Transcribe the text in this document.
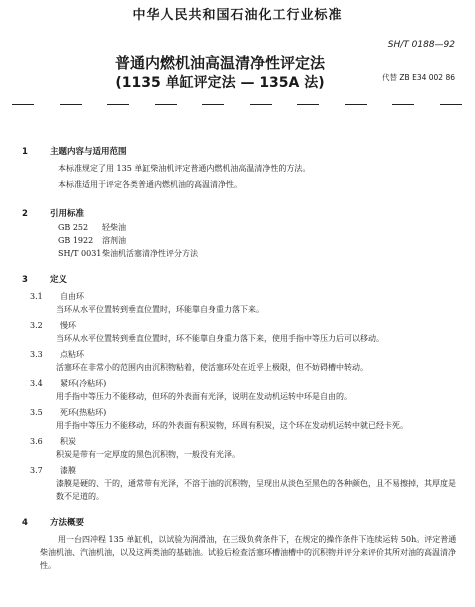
中华人民共和国石油化工行业标准
SH/T 0188—92
代替 ZB E34 002 86
普通内燃机油高温清净性评定法
(1135 单缸评定法 — 135A 法)
1	主题内容与适用范围
本标准规定了用 135 单缸柴油机评定普通内燃机油高温清净性的方法。
本标准适用于评定各类普通内燃机油的高温清净性。
2	引用标准
GB 252 轻柴油
GB 1922 溶剂油
SH/T 0031柴油机活塞清净性评分方法
3	定义
3.1 自由环
当环从水平位置转到垂直位置时，环能靠自身重力落下来。
3.2 慢环
当环从水平位置转到垂直位置时，环不能靠自身重力落下来，使用手指中等压力后可以移动。
3.3 点粘环
活塞环在非常小的范围内由沉积物粘着，使活塞环处在近乎上极限，但不妨碍槽中转动。
3.4 紧环(冷粘环)
用手指中等压力不能移动，但环的外表面有光泽，说明在发动机运转中环是自由的。
3.5 死环(热粘环)
用手指中等压力不能移动，环的外表面有积炭物，环周有积炭，这个环在发动机运转中就已经卡死。
3.6 积炭
积炭是带有一定厚度的黑色沉积物，一般没有光泽。
3.7 漆膜
漆膜是硬的、干的，通常带有光泽，不溶于油的沉积物，呈现出从淡色至黑色的各种颜色，且不易擦掉，其厚度是数不足道的。
4	方法概要
用一台四冲程 135 单缸机，以试验为润滑油，在三级负荷条件下，在规定的操作条件下连续运转 50h。评定普通柴油机油、汽油机油，以及这两类油的基础油。试验后检查活塞环槽油槽中的沉积物并评分来评价其所对油的高温清净性。
